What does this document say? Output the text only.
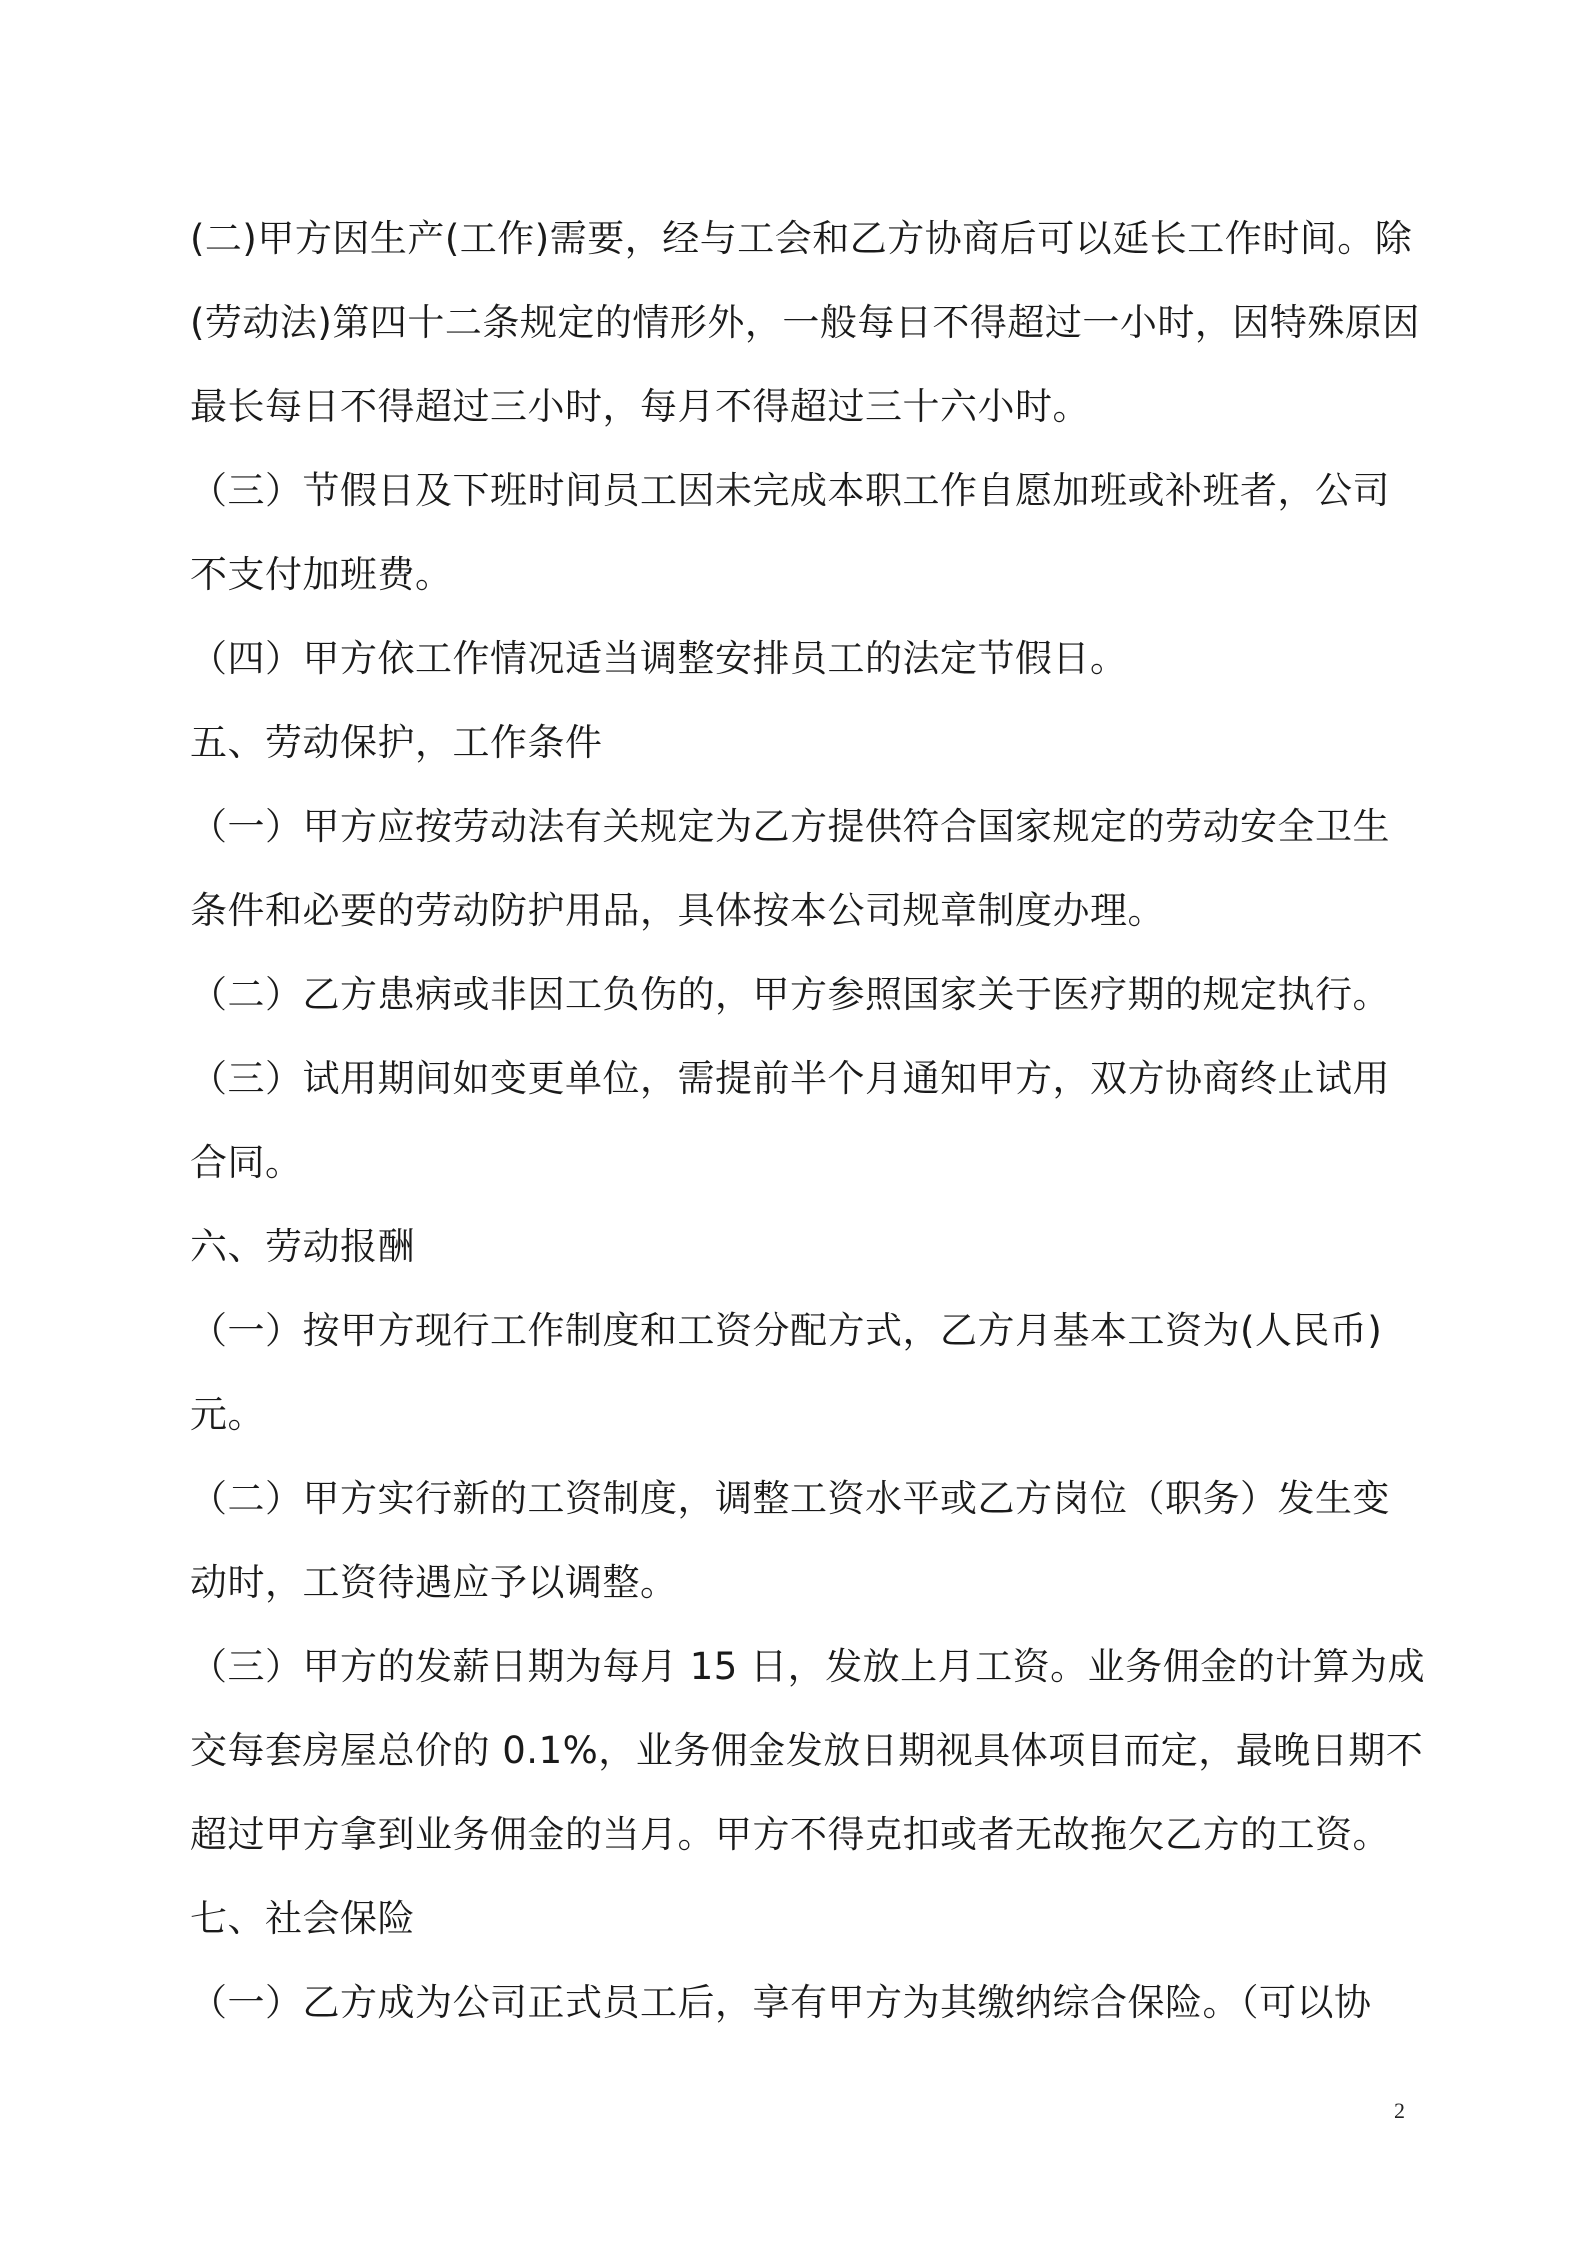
(二)甲方因生产(工作)需要，经与工会和乙方协商后可以延长工作时间。除

(劳动法)第四十二条规定的情形外，一般每日不得超过一小时，因特殊原因

最长每日不得超过三小时，每月不得超过三十六小时。

（三）节假日及下班时间员工因未完成本职工作自愿加班或补班者，公司

不支付加班费。

（四）甲方依工作情况适当调整安排员工的法定节假日。

五、劳动保护，工作条件

（一）甲方应按劳动法有关规定为乙方提供符合国家规定的劳动安全卫生

条件和必要的劳动防护用品，具体按本公司规章制度办理。

（二）乙方患病或非因工负伤的，甲方参照国家关于医疗期的规定执行。

（三）试用期间如变更单位，需提前半个月通知甲方，双方协商终止试用

合同。

六、劳动报酬

（一）按甲方现行工作制度和工资分配方式，乙方月基本工资为(人民币)

元。

（二）甲方实行新的工资制度，调整工资水平或乙方岗位（职务）发生变

动时，工资待遇应予以调整。

（三）甲方的发薪日期为每月 15 日，发放上月工资。业务佣金的计算为成

交每套房屋总价的 0.1%，业务佣金发放日期视具体项目而定，最晚日期不

超过甲方拿到业务佣金的当月。甲方不得克扣或者无故拖欠乙方的工资。

七、社会保险

（一）乙方成为公司正式员工后，享有甲方为其缴纳综合保险。（可以协

2
